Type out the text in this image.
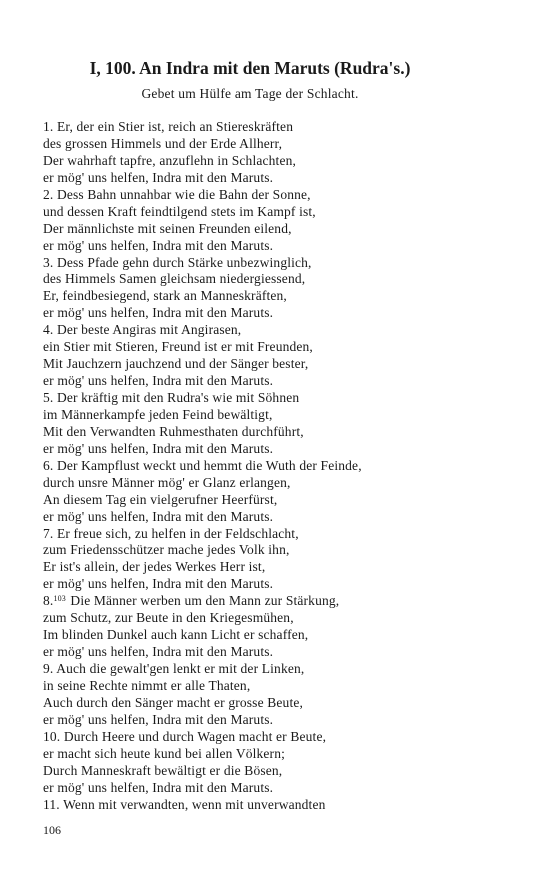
I, 100. An Indra mit den Maruts (Rudra's.)

Gebet um Hülfe am Tage der Schlacht.

1. Er, der ein Stier ist, reich an Stiereskräften
des grossen Himmels und der Erde Allherr,
Der wahrhaft tapfre, anzuflehn in Schlachten,
er mög' uns helfen, Indra mit den Maruts.
2. Dess Bahn unnahbar wie die Bahn der Sonne,
und dessen Kraft feindtilgend stets im Kampf ist,
Der männlichste mit seinen Freunden eilend,
er mög' uns helfen, Indra mit den Maruts.
3. Dess Pfade gehn durch Stärke unbezwinglich,
des Himmels Samen gleichsam niedergiessend,
Er, feindbesiegend, stark an Manneskräften,
er mög' uns helfen, Indra mit den Maruts.
4. Der beste Angiras mit Angirasen,
ein Stier mit Stieren, Freund ist er mit Freunden,
Mit Jauchzern jauchzend und der Sänger bester,
er mög' uns helfen, Indra mit den Maruts.
5. Der kräftig mit den Rudra's wie mit Söhnen
im Männerkampfe jeden Feind bewältigt,
Mit den Verwandten Ruhmesthaten durchführt,
er mög' uns helfen, Indra mit den Maruts.
6. Der Kampflust weckt und hemmt die Wuth der Feinde,
durch unsre Männer mög' er Glanz erlangen,
An diesem Tag ein vielgerufner Heerfürst,
er mög' uns helfen, Indra mit den Maruts.
7. Er freue sich, zu helfen in der Feldschlacht,
zum Friedensschützer mache jedes Volk ihn,
Er ist's allein, der jedes Werkes Herr ist,
er mög' uns helfen, Indra mit den Maruts.
8.$^{103}$ Die Männer werben um den Mann zur Stärkung,
zum Schutz, zur Beute in den Kriegesmühen,
Im blinden Dunkel auch kann Licht er schaffen,
er mög' uns helfen, Indra mit den Maruts.
9. Auch die gewalt'gen lenkt er mit der Linken,
in seine Rechte nimmt er alle Thaten,
Auch durch den Sänger macht er grosse Beute,
er mög' uns helfen, Indra mit den Maruts.
10. Durch Heere und durch Wagen macht er Beute,
er macht sich heute kund bei allen Völkern;
Durch Manneskraft bewältigt er die Bösen,
er mög' uns helfen, Indra mit den Maruts.
11. Wenn mit verwandten, wenn mit unverwandten

106
